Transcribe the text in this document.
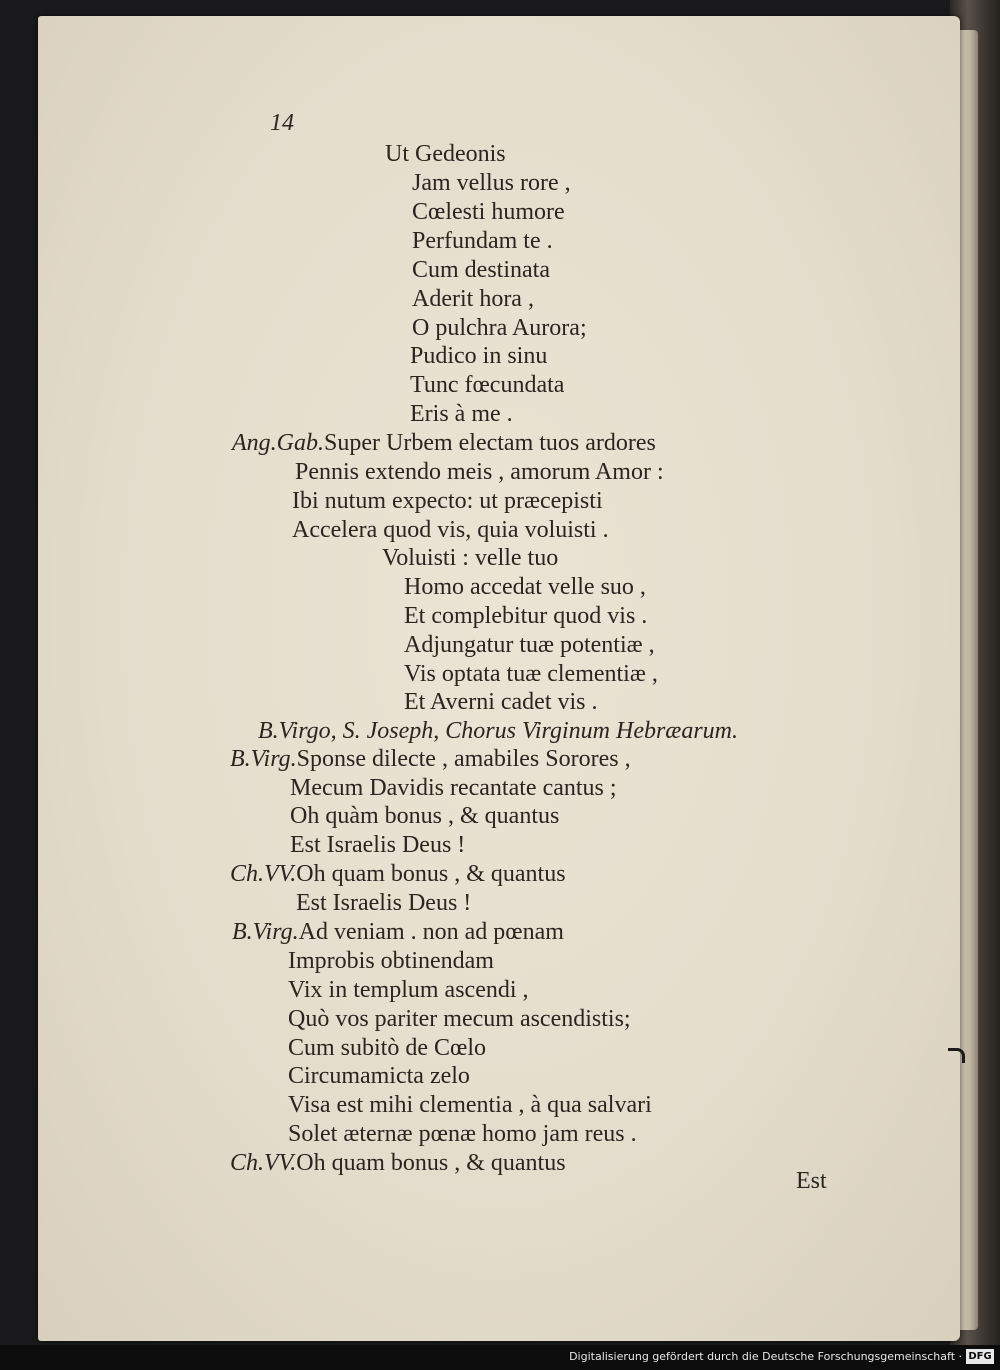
14
Ut Gedeonis
Jam vellus rore ,
Cœlesti humore
Perfundam te .
Cum destinata
Aderit hora ,
O pulchra Aurora;
Pudico in sinu
Tunc fœcundata
Eris à me .
Ang.Gab.Super Urbem electam tuos ardores
Pennis extendo meis , amorum Amor :
Ibi nutum expecto: ut præcepisti
Accelera quod vis, quia voluisti .
Voluisti : velle tuo
Homo accedat velle suo ,
Et complebitur quod vis .
Adjungatur tuæ potentiæ ,
Vis optata tuæ clementiæ ,
Et Averni cadet vis .
B.Virgo, S. Joseph, Chorus Virginum Hebræarum.
B.Virg.Sponse dilecte , amabiles Sorores ,
Mecum Davidis recantate cantus ;
Oh quàm bonus , & quantus
Est Israelis Deus !
Ch.VV.Oh quam bonus , & quantus
Est Israelis Deus !
B.Virg.Ad veniam . non ad pœnam
Improbis obtinendam
Vix in templum ascendi ,
Quò vos pariter mecum ascendistis;
Cum subitò de Cœlo
Circumamicta zelo
Visa est mihi clementia , à qua salvari
Solet æternæ pœnæ homo jam reus .
Ch.VV.Oh quam bonus , & quantus
Est
Digitalisierung gefördert durch die Deutsche Forschungsgemeinschaft · DFG
